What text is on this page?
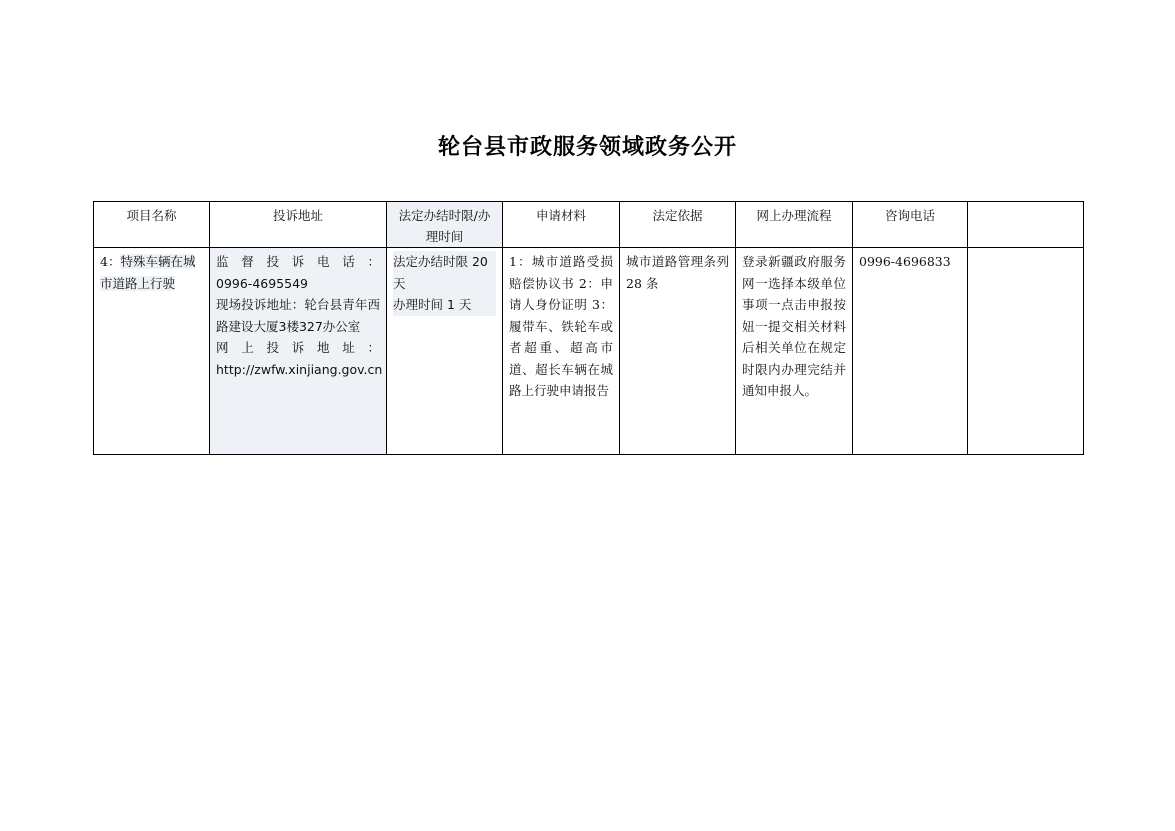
轮台县市政服务领域政务公开
项目名称	投诉地址	法定办结时限/办理时间	申请材料	法定依据	网上办理流程	咨询电话	
4：特殊车辆在城市道路上行驶	监督投诉电话：
0996-4695549
现场投诉地址：轮台县青年西路建设大厦3楼327办公室
网上投诉地址：
http://zwfw.xinjiang.gov.cn	法定办结时限 20天
办理时间 1 天	1：城市道路受损赔偿协议书 2：申请人身份证明 3：履带车、铁轮车或者超重、超高市道、超长车辆在城路上行驶申请报告	城市道路管理条列 28 条	登录新疆政府服务网一选择本级单位事项一点击申报按妞一提交相关材料后相关单位在规定时限内办理完结并通知申报人。	0996-4696833	
